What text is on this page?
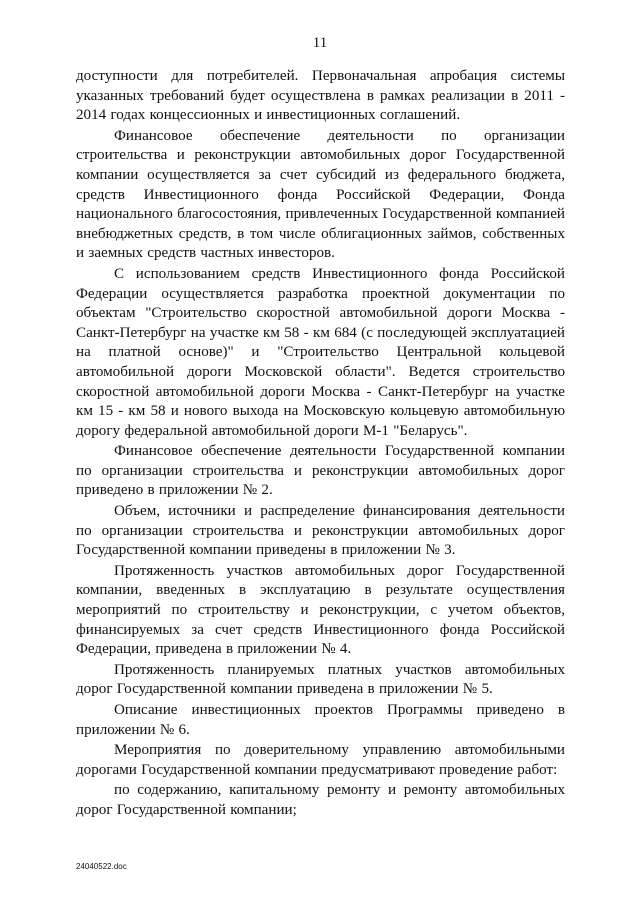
11

доступности для потребителей. Первоначальная апробация системы указанных требований будет осуществлена в рамках реализации в 2011 - 2014 годах концессионных и инвестиционных соглашений.

Финансовое обеспечение деятельности по организации строительства и реконструкции автомобильных дорог Государственной компании осуществляется за счет субсидий из федерального бюджета, средств Инвестиционного фонда Российской Федерации, Фонда национального благосостояния, привлеченных Государственной компанией внебюджетных средств, в том числе облигационных займов, собственных и заемных средств частных инвесторов.

С использованием средств Инвестиционного фонда Российской Федерации осуществляется разработка проектной документации по объектам "Строительство скоростной автомобильной дороги Москва - Санкт-Петербург на участке км 58 - км 684 (с последующей эксплуатацией на платной основе)" и "Строительство Центральной кольцевой автомобильной дороги Московской области". Ведется строительство скоростной автомобильной дороги Москва - Санкт-Петербург на участке км 15 - км 58 и нового выхода на Московскую кольцевую автомобильную дорогу федеральной автомобильной дороги М-1 "Беларусь".

Финансовое обеспечение деятельности Государственной компании по организации строительства и реконструкции автомобильных дорог приведено в приложении № 2.

Объем, источники и распределение финансирования деятельности по организации строительства и реконструкции автомобильных дорог Государственной компании приведены в приложении № 3.

Протяженность участков автомобильных дорог Государственной компании, введенных в эксплуатацию в результате осуществления мероприятий по строительству и реконструкции, с учетом объектов, финансируемых за счет средств Инвестиционного фонда Российской Федерации, приведена в приложении № 4.

Протяженность планируемых платных участков автомобильных дорог Государственной компании приведена в приложении № 5.

Описание инвестиционных проектов Программы приведено в приложении № 6.

Мероприятия по доверительному управлению автомобильными дорогами Государственной компании предусматривают проведение работ:

по содержанию, капитальному ремонту и ремонту автомобильных дорог Государственной компании;

24040522.doc
